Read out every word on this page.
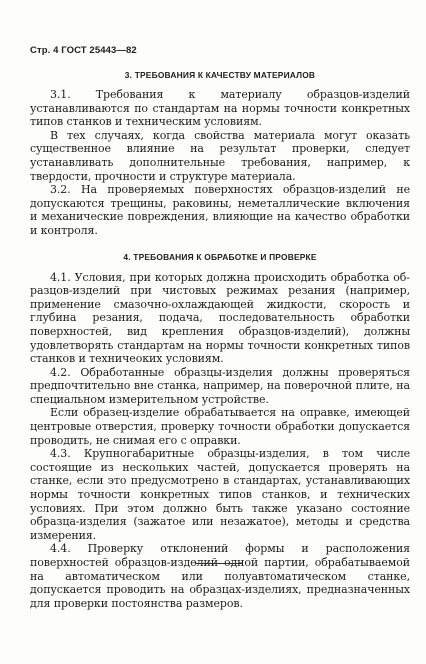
Стр. 4 ГОСТ 25443—82
3. ТРЕБОВАНИЯ К КАЧЕСТВУ МАТЕРИАЛОВ

3.1. Требования к материалу образцов-изделий устанавливаются по стандартам на нормы точности конкретных типов станков и техническим условиям.

В тех случаях, когда свойства материала могут оказать существенное влияние на результат проверки, следует устанавливать дополнительные требования, например, к твердости, прочности и структуре материала.

3.2. На проверяемых поверхностях образцов-изделий не допускаются трещины, раковины, неметаллические включения и механические повреждения, влияющие на качество обработки и контроля.

4. ТРЕБОВАНИЯ К ОБРАБОТКЕ И ПРОВЕРКЕ

4.1. Условия, при которых должна происходить обработка образцов-изделий при чистовых режимах резания (например, применение смазочно-охлаждающей жидкости, скорость и глубина резания, подача, последовательность обработки поверхностей, вид крепления образцов-изделий), должны удовлетворять стандартам на нормы точности конкретных типов станков и техничеоких условиям.

4.2. Обработанные образцы-изделия должны проверяться предпочтительно вне станка, например, на поверочной плите, на специальном измерительном устройстве.

Если образец-изделие обрабатывается на оправке, имеющей центровые отверстия, проверку точности обработки допускается проводить, не снимая его с оправки.

4.3. Крупногабаритные образцы-изделия, в том числе состоящие из нескольких частей, допускается проверять на станке, если это предусмотрено в стандартах, устанавливающих нормы точности конкретных типов станков, и технических условиях. При этом должно быть также указано состояние образца-изделия (зажатое или незажатое), методы и средства измерения.

4.4. Проверку отклонений формы и расположения поверхностей образцов-изделий одной партии, обрабатываемой на автоматическом или полуавтоматическом станке, допускается проводить на образцах-изделиях, предназначенных для проверки постоянства размеров.
